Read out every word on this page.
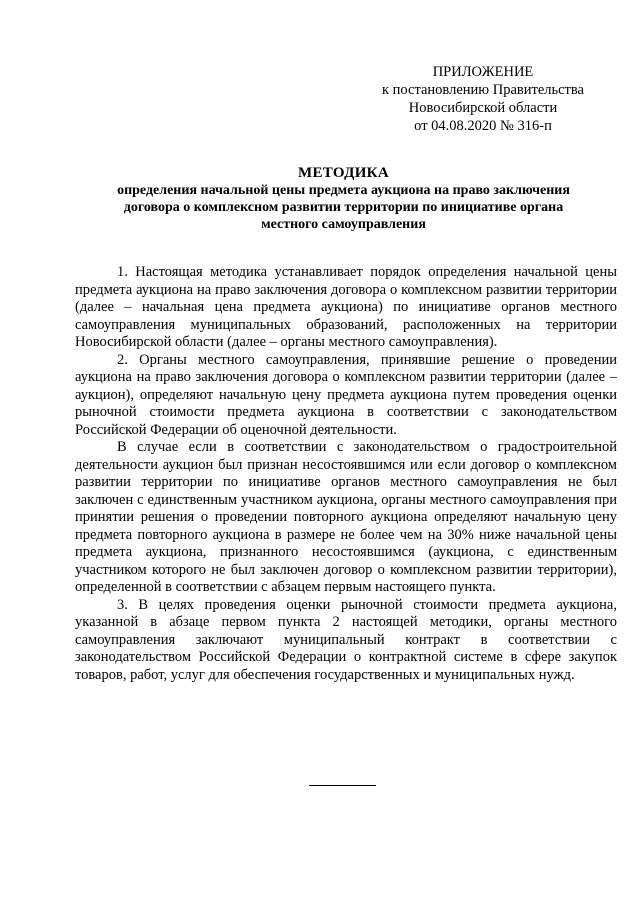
ПРИЛОЖЕНИЕ
к постановлению Правительства
Новосибирской области
от 04.08.2020 № 316-п
МЕТОДИКА
определения начальной цены предмета аукциона на право заключения
договора о комплексном развитии территории по инициативе органа
местного самоуправления

1. Настоящая методика устанавливает порядок определения начальной цены предмета аукциона на право заключения договора о комплексном развитии территории (далее – начальная цена предмета аукциона) по инициативе органов местного самоуправления муниципальных образований, расположенных на территории Новосибирской области (далее – органы местного самоуправления).

2. Органы местного самоуправления, принявшие решение о проведении аукциона на право заключения договора о комплексном развитии территории (далее – аукцион), определяют начальную цену предмета аукциона путем проведения оценки рыночной стоимости предмета аукциона в соответствии с законодательством Российской Федерации об оценочной деятельности.

В случае если в соответствии с законодательством о градостроительной деятельности аукцион был признан несостоявшимся или если договор о комплексном развитии территории по инициативе органов местного самоуправления не был заключен с единственным участником аукциона, органы местного самоуправления при принятии решения о проведении повторного аукциона определяют начальную цену предмета повторного аукциона в размере не более чем на 30% ниже начальной цены предмета аукциона, признанного несостоявшимся (аукциона, с единственным участником которого не был заключен договор о комплексном развитии территории), определенной в соответствии с абзацем первым настоящего пункта.

3. В целях проведения оценки рыночной стоимости предмета аукциона, указанной в абзаце первом пункта 2 настоящей методики, органы местного самоуправления заключают муниципальный контракт в соответствии с законодательством Российской Федерации о контрактной системе в сфере закупок товаров, работ, услуг для обеспечения государственных и муниципальных нужд.
